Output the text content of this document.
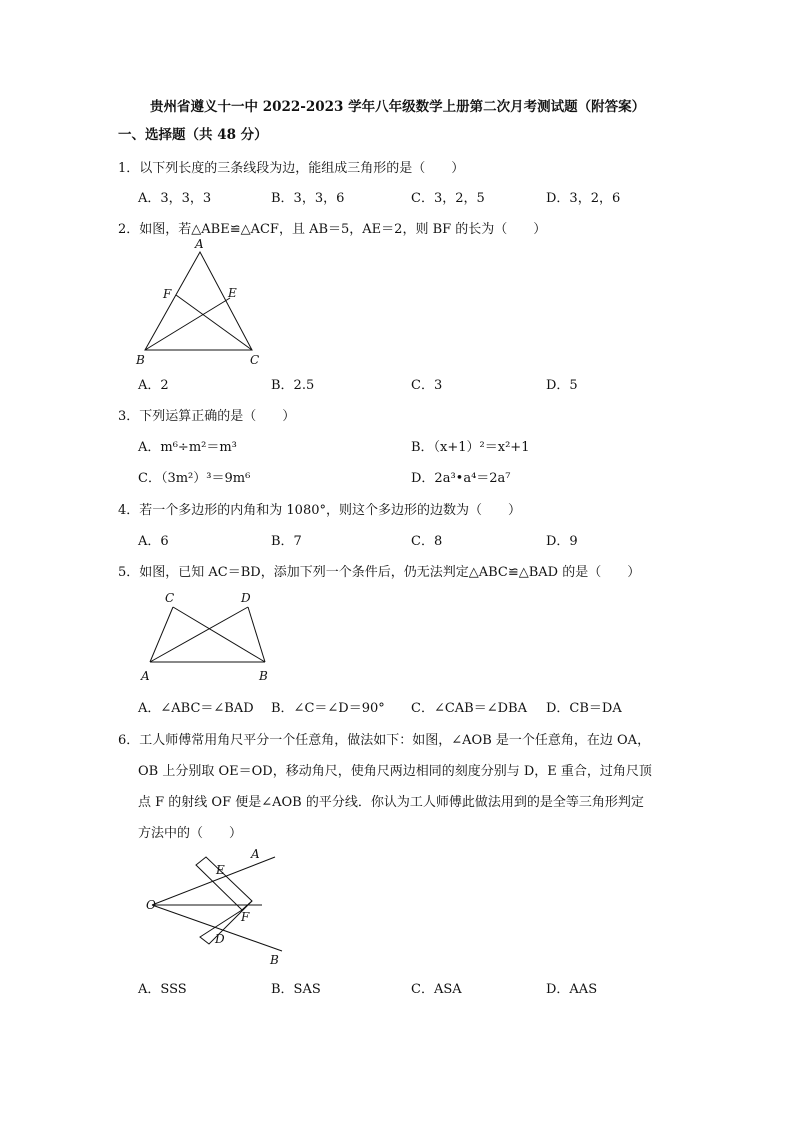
贵州省遵义十一中 2022-2023 学年八年级数学上册第二次月考测试题（附答案）
一、选择题（共 48 分）
1．以下列长度的三条线段为边，能组成三角形的是（　　）
A．3，3，3	B．3，3，6	C．3，2，5	D．3，2，6
2．如图，若△ABE≌△ACF，且 AB＝5，AE＝2，则 BF 的长为（　　）
A
B	C
E
F
A．2	B．2.5	C．3	D．5
3．下列运算正确的是（　　）
A．m⁶÷m²＝m³	B．（x+1）²＝x²+1
C．（3m²）³＝9m⁶	D．2a³•a⁴＝2a⁷
4．若一个多边形的内角和为 1080°，则这个多边形的边数为（　　）
A．6	B．7	C．8	D．9
5．如图，已知 AC＝BD，添加下列一个条件后，仍无法判定△ABC≌△BAD 的是（　　）
C	D
A	B
A．∠ABC＝∠BAD B．∠C＝∠D＝90° C．∠CAB＝∠DBA D．CB＝DA
6．工人师傅常用角尺平分一个任意角，做法如下：如图，∠AOB 是一个任意角，在边 OA，
OB 上分别取 OE＝OD，移动角尺，使角尺两边相同的刻度分别与 D，E 重合，过角尺顶
点 F 的射线 OF 便是∠AOB 的平分线．你认为工人师傅此做法用到的是全等三角形判定
方法中的（　　）
O
A
B
E
D
F
A．SSS	B．SAS	C．ASA	D．AAS
